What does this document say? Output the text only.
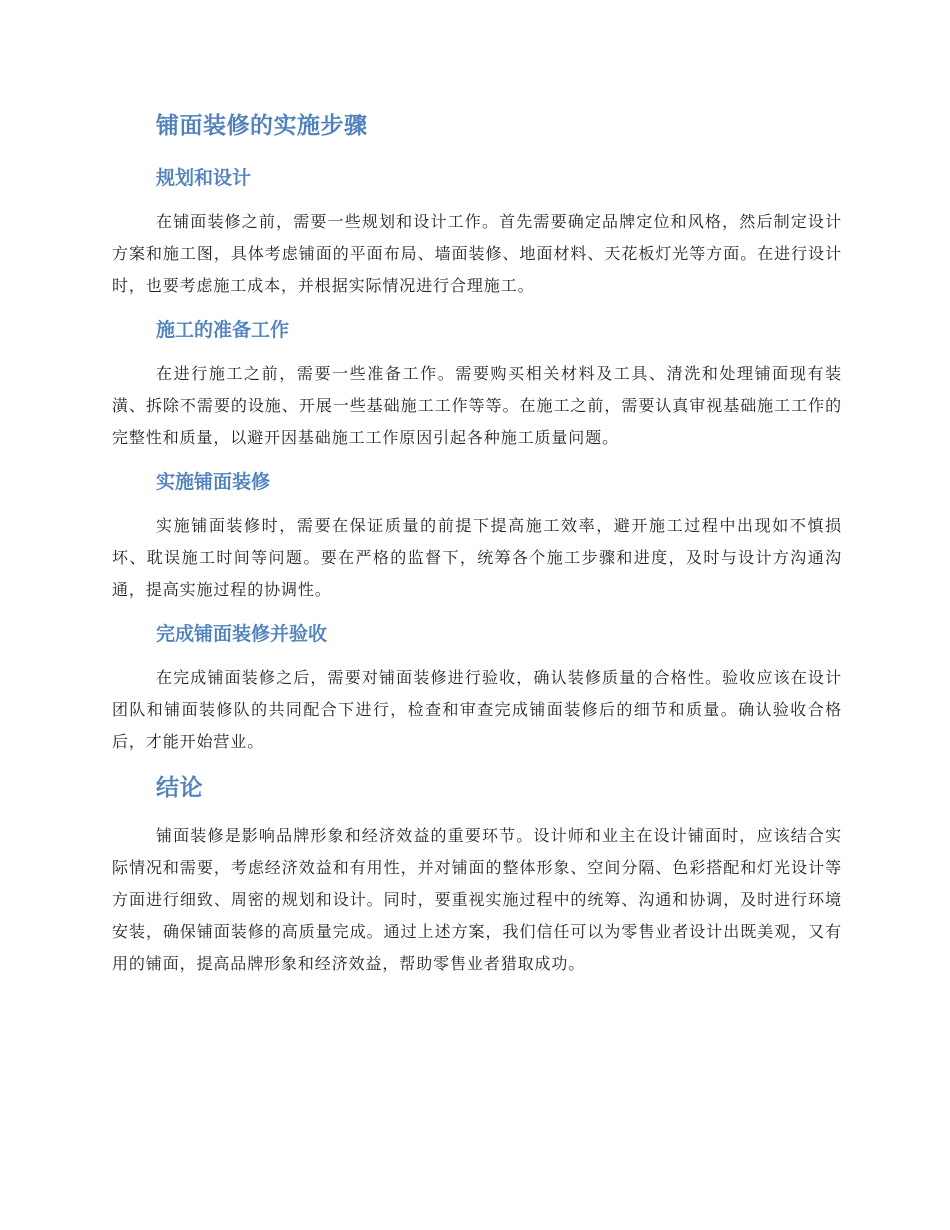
铺面装修的实施步骤
规划和设计

在铺面装修之前，需要一些规划和设计工作。首先需要确定品牌定位和风格，然后制定设计方案和施工图，具体考虑铺面的平面布局、墙面装修、地面材料、天花板灯光等方面。在进行设计时，也要考虑施工成本，并根据实际情况进行合理施工。

施工的准备工作

在进行施工之前，需要一些准备工作。需要购买相关材料及工具、清洗和处理铺面现有装潢、拆除不需要的设施、开展一些基础施工工作等等。在施工之前，需要认真审视基础施工工作的完整性和质量，以避开因基础施工工作原因引起各种施工质量问题。

实施铺面装修

实施铺面装修时，需要在保证质量的前提下提高施工效率，避开施工过程中出现如不慎损坏、耽误施工时间等问题。要在严格的监督下，统筹各个施工步骤和进度，及时与设计方沟通沟通，提高实施过程的协调性。

完成铺面装修并验收

在完成铺面装修之后，需要对铺面装修进行验收，确认装修质量的合格性。验收应该在设计团队和铺面装修队的共同配合下进行，检查和审查完成铺面装修后的细节和质量。确认验收合格后，才能开始营业。

结论

铺面装修是影响品牌形象和经济效益的重要环节。设计师和业主在设计铺面时，应该结合实际情况和需要，考虑经济效益和有用性，并对铺面的整体形象、空间分隔、色彩搭配和灯光设计等方面进行细致、周密的规划和设计。同时，要重视实施过程中的统筹、沟通和协调，及时进行环境安装，确保铺面装修的高质量完成。通过上述方案，我们信任可以为零售业者设计出既美观，又有用的铺面，提高品牌形象和经济效益，帮助零售业者猎取成功。
